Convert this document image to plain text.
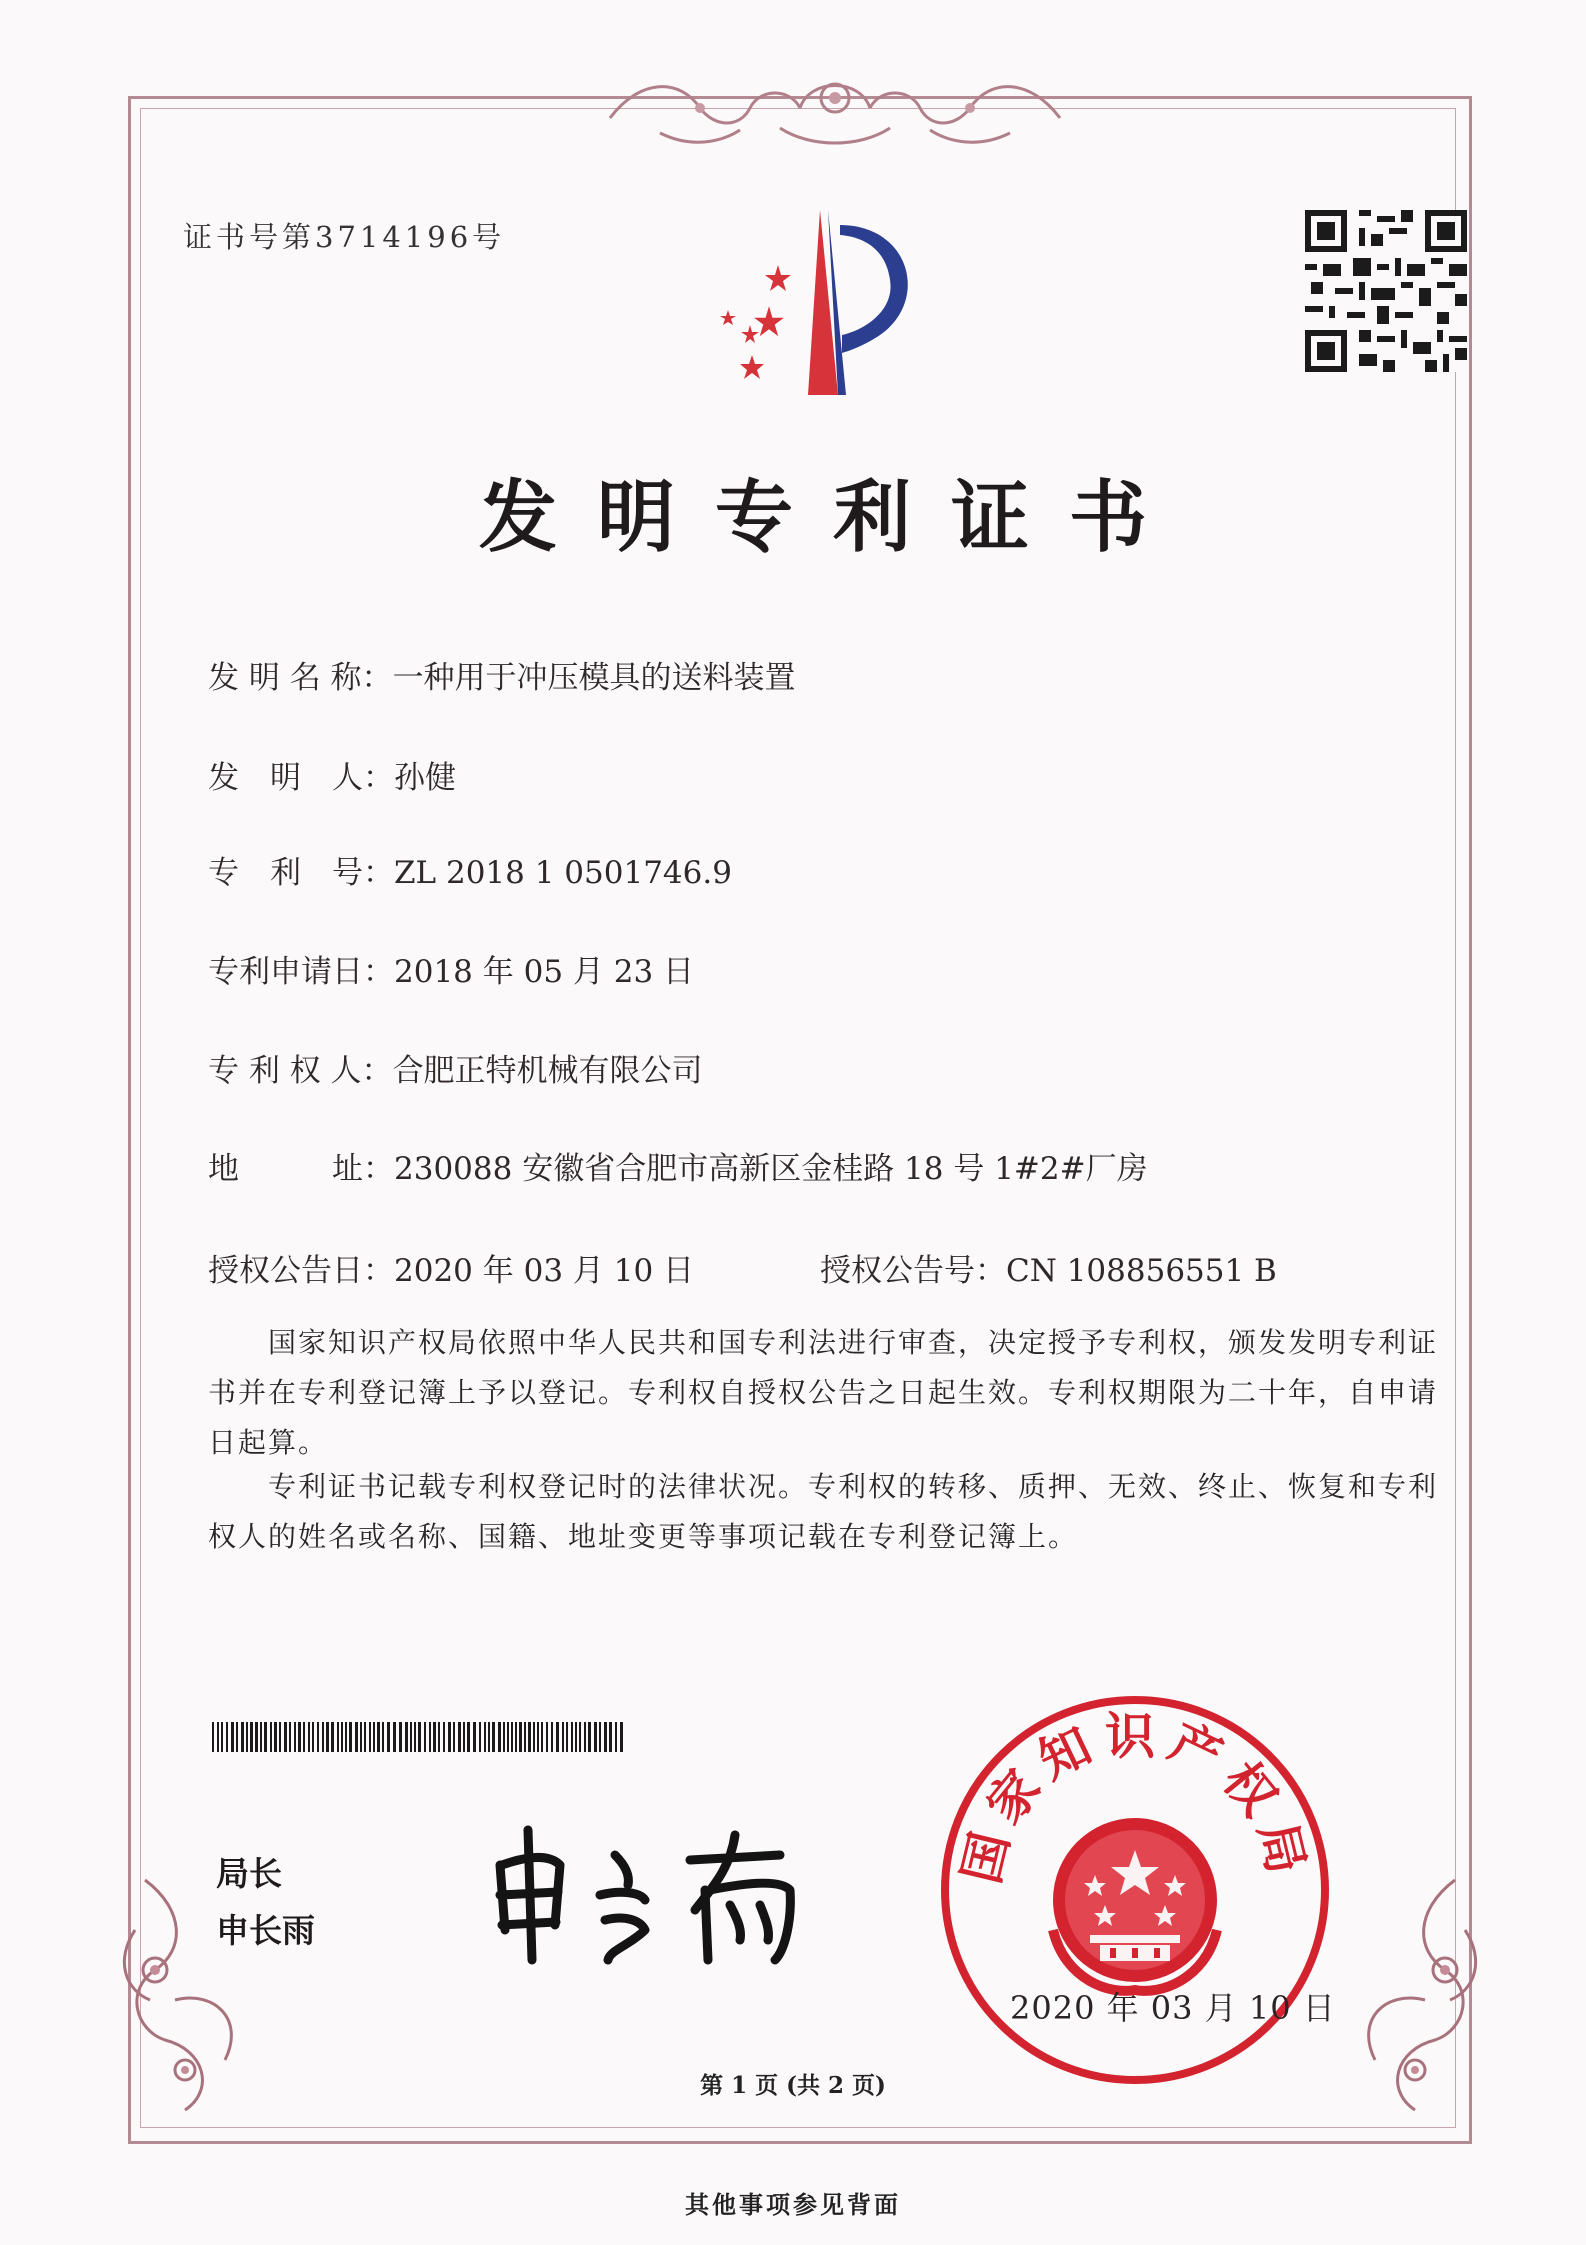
证书号第3714196号
发明专利证书
发 明 名 称：一种用于冲压模具的送料装置
发　明　人：孙健
专　利　号：ZL 2018 1 0501746.9
专利申请日：2018 年 05 月 23 日
专 利 权 人：合肥正特机械有限公司
地　　　址：230088 安徽省合肥市高新区金桂路 18 号 1#2#厂房
授权公告日：2020 年 03 月 10 日	授权公告号：CN 108856551 B
　　国家知识产权局依照中华人民共和国专利法进行审查，决定授予专利权，颁发发明专利证书并在专利登记簿上予以登记。专利权自授权公告之日起生效。专利权期限为二十年，自申请日起算。
　　专利证书记载专利权登记时的法律状况。专利权的转移、质押、无效、终止、恢复和专利权人的姓名或名称、国籍、地址变更等事项记载在专利登记簿上。
局长
申长雨
国家知识产权局
2020 年 03 月 10 日
第 1 页 (共 2 页)
其他事项参见背面
